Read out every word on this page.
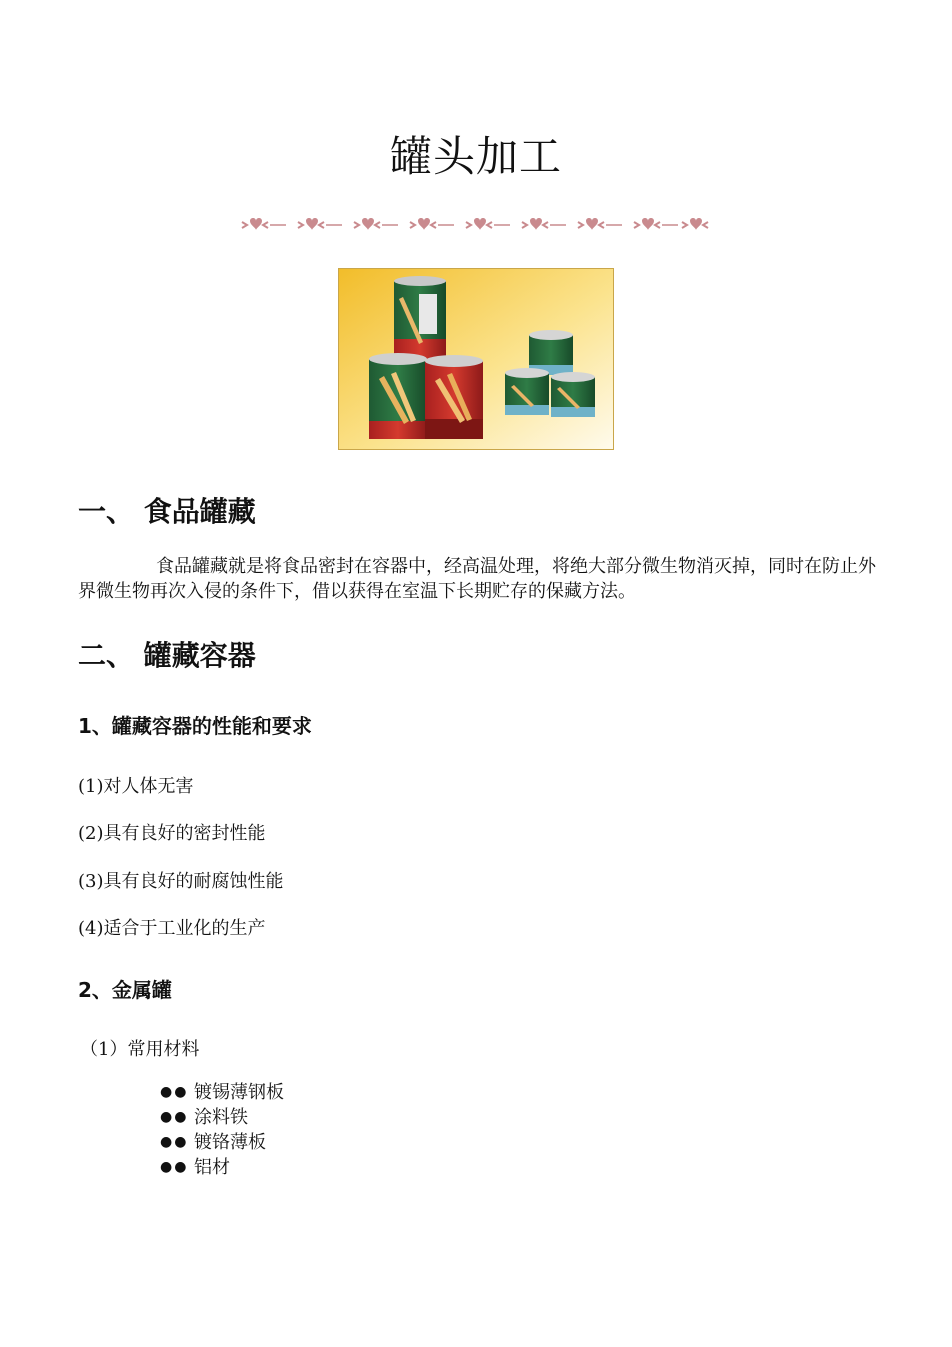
罐头加工
一、 食品罐藏

食品罐藏就是将食品密封在容器中，经高温处理，将绝大部分微生物消灭掉，同时在防止外界微生物再次入侵的条件下，借以获得在室温下长期贮存的保藏方法。

二、 罐藏容器
1、罐藏容器的性能和要求

(1)对人体无害

(2)具有良好的密封性能

(3)具有良好的耐腐蚀性能

(4)适合于工业化的生产

2、金属罐

（1）常用材料

●● 镀锡薄钢板
●● 涂料铁
●● 镀铬薄板
●● 铝材
